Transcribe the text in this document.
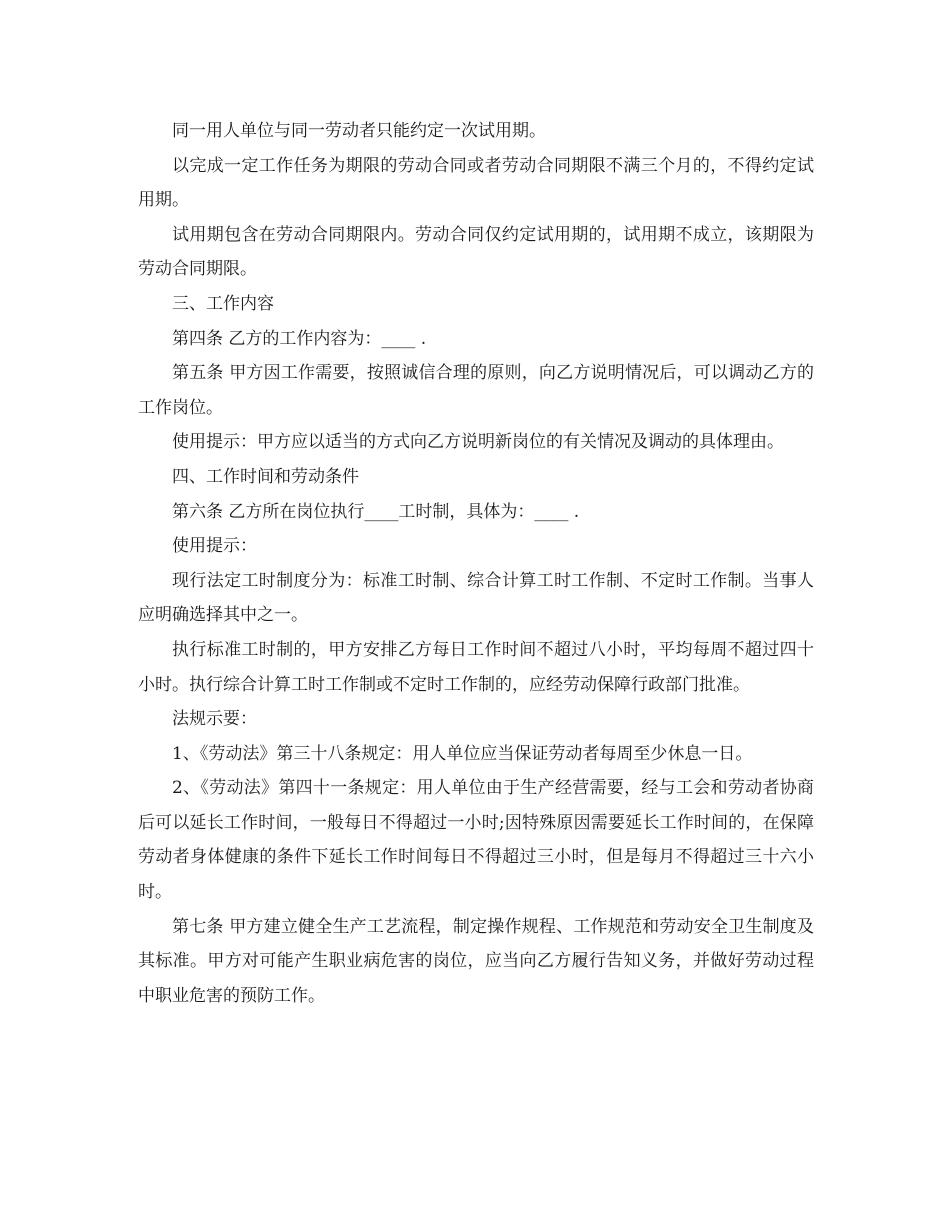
同一用人单位与同一劳动者只能约定一次试用期。

以完成一定工作任务为期限的劳动合同或者劳动合同期限不满三个月的，不得约定试用期。

试用期包含在劳动合同期限内。劳动合同仅约定试用期的，试用期不成立，该期限为劳动合同期限。

三、工作内容

第四条 乙方的工作内容为：____ .

第五条 甲方因工作需要，按照诚信合理的原则，向乙方说明情况后，可以调动乙方的工作岗位。

使用提示：甲方应以适当的方式向乙方说明新岗位的有关情况及调动的具体理由。

四、工作时间和劳动条件

第六条 乙方所在岗位执行____工时制，具体为：____ .

使用提示：

现行法定工时制度分为：标准工时制、综合计算工时工作制、不定时工作制。当事人应明确选择其中之一。

执行标准工时制的，甲方安排乙方每日工作时间不超过八小时，平均每周不超过四十小时。执行综合计算工时工作制或不定时工作制的，应经劳动保障行政部门批准。

法规示要：

1、《劳动法》第三十八条规定：用人单位应当保证劳动者每周至少休息一日。

2、《劳动法》第四十一条规定：用人单位由于生产经营需要，经与工会和劳动者协商后可以延长工作时间，一般每日不得超过一小时;因特殊原因需要延长工作时间的，在保障劳动者身体健康的条件下延长工作时间每日不得超过三小时，但是每月不得超过三十六小时。

第七条 甲方建立健全生产工艺流程，制定操作规程、工作规范和劳动安全卫生制度及其标准。甲方对可能产生职业病危害的岗位，应当向乙方履行告知义务，并做好劳动过程中职业危害的预防工作。
